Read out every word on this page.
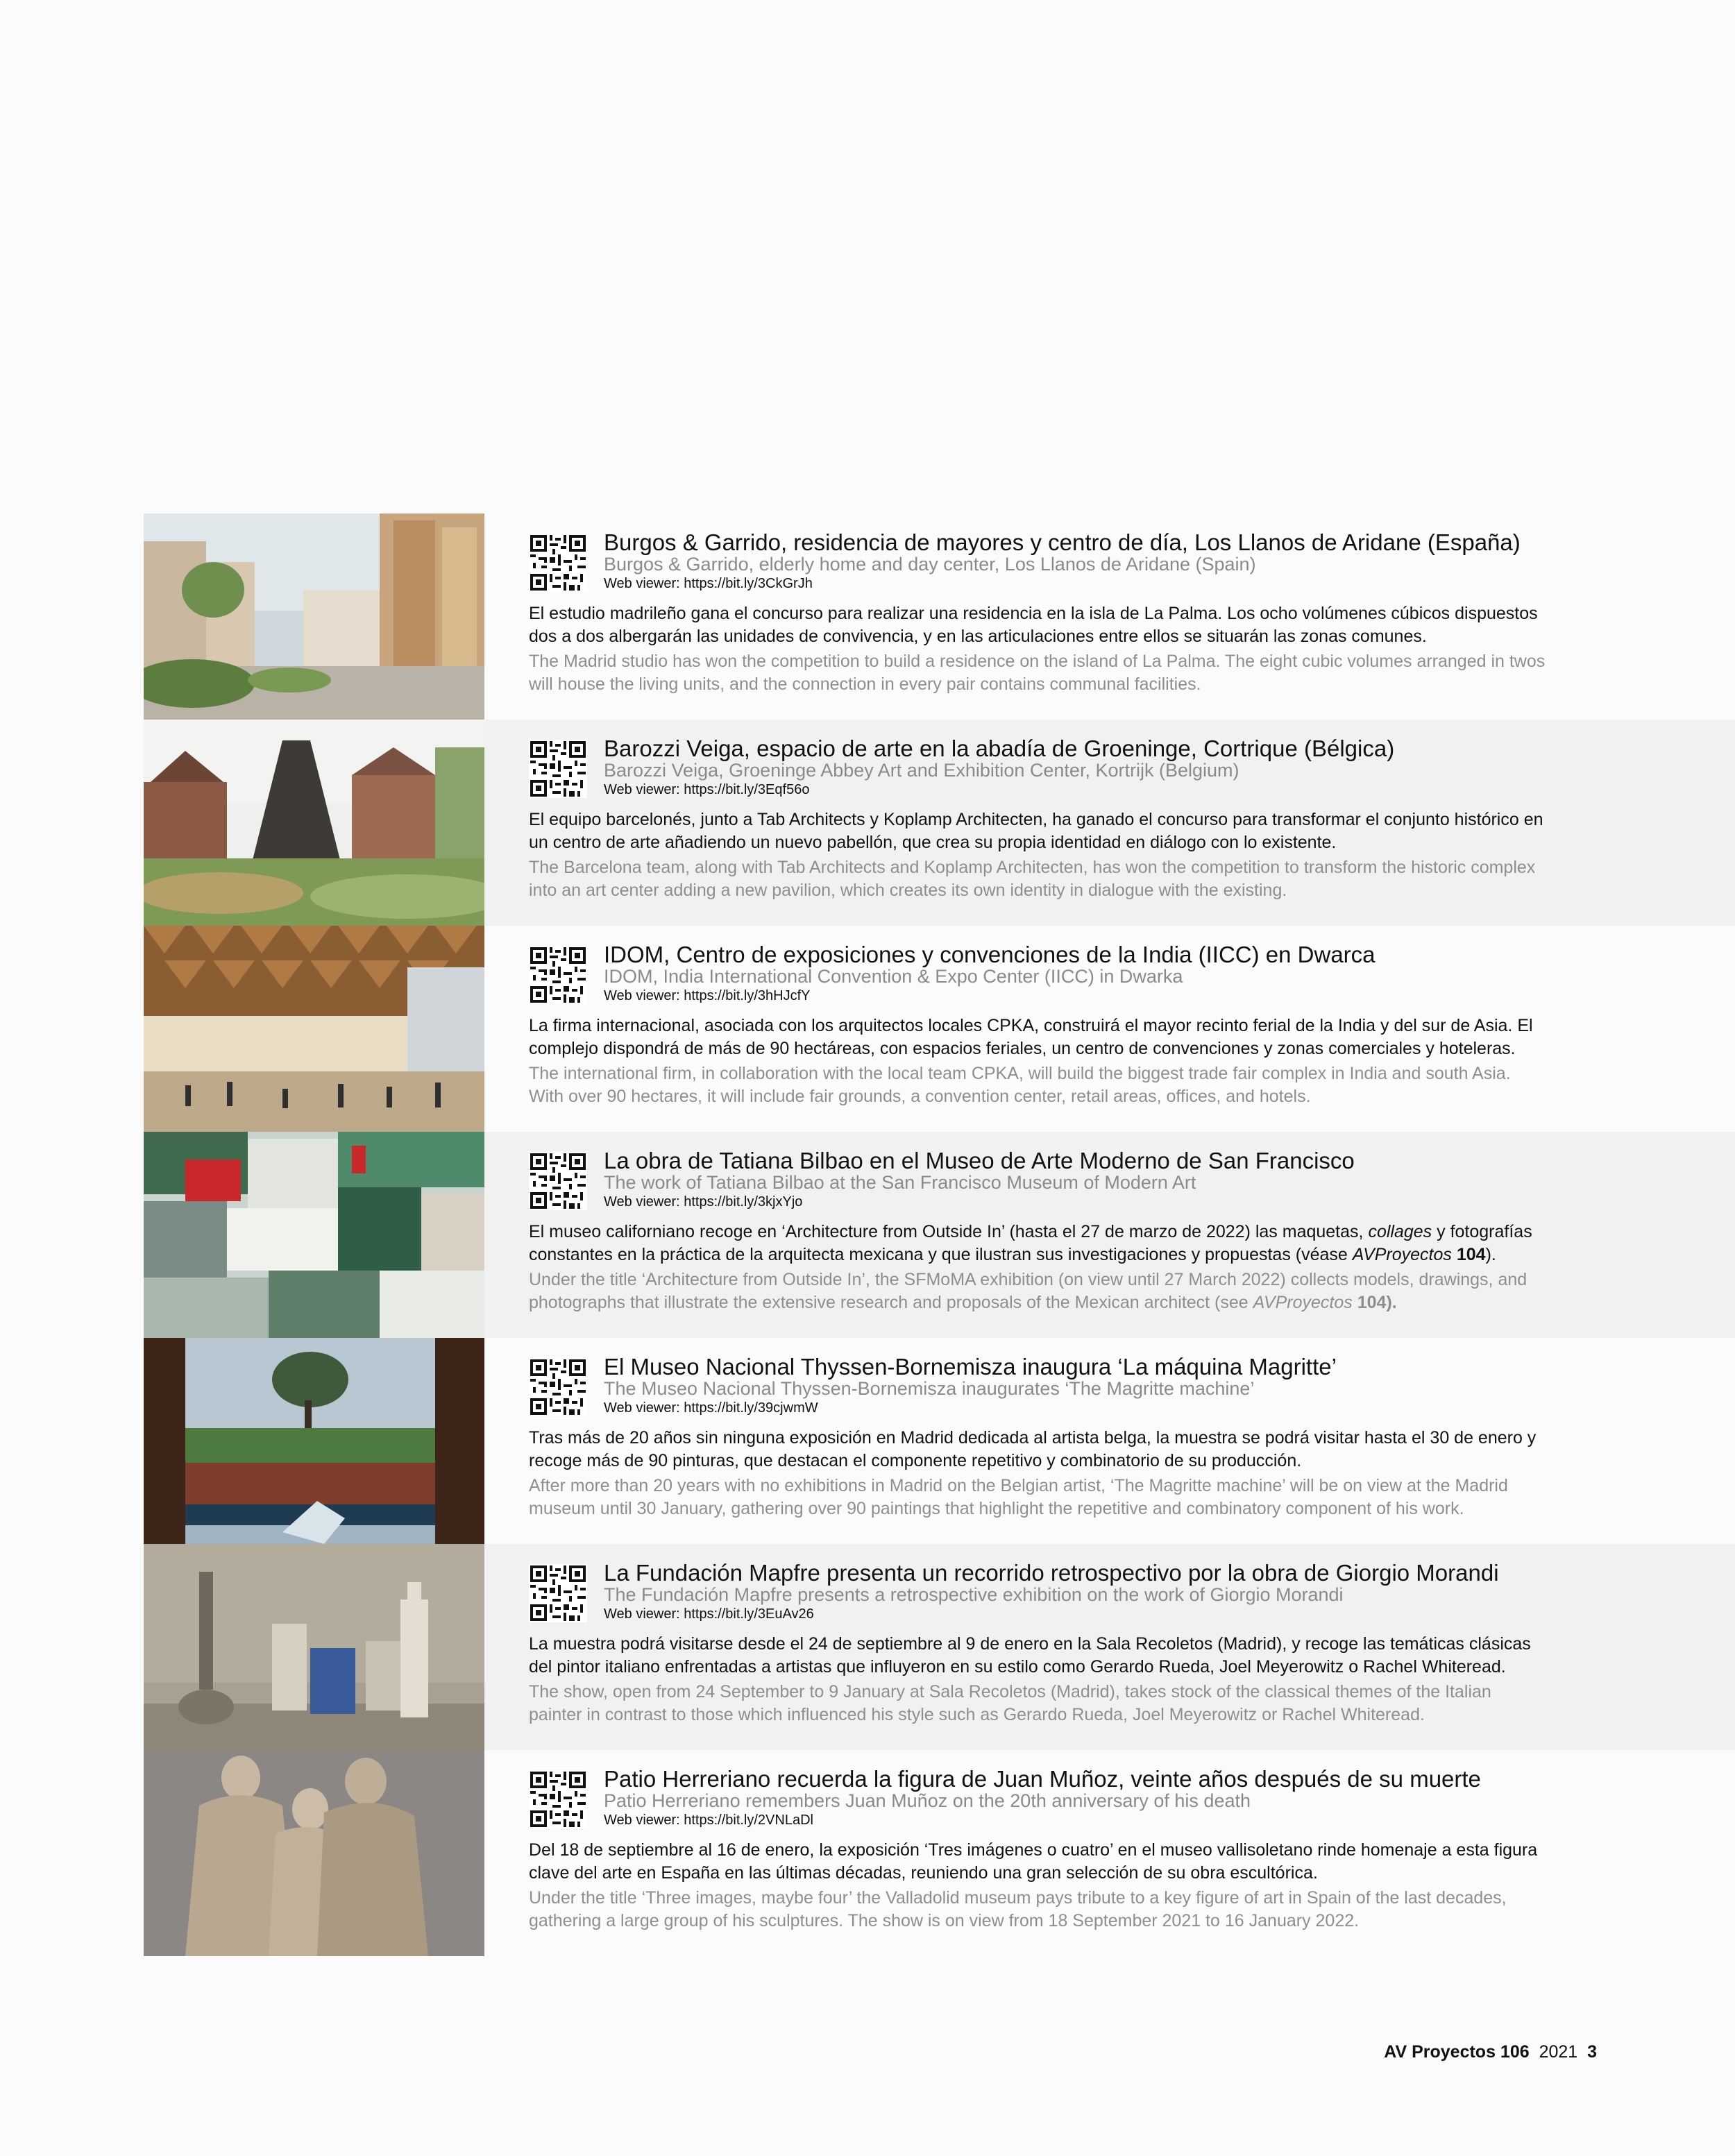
Burgos & Garrido, residencia de mayores y centro de día, Los Llanos de Aridane (España)
Burgos & Garrido, elderly home and day center, Los Llanos de Aridane (Spain)
Web viewer: https://bit.ly/3CkGrJh
El estudio madrileño gana el concurso para realizar una residencia en la isla de La Palma. Los ocho volúmenes cúbicos dispuestos dos a dos albergarán las unidades de convivencia, y en las articulaciones entre ellos se situarán las zonas comunes.
The Madrid studio has won the competition to build a residence on the island of La Palma. The eight cubic volumes arranged in twos will house the living units, and the connection in every pair contains communal facilities.
Barozzi Veiga, espacio de arte en la abadía de Groeninge, Cortrique (Bélgica)
Barozzi Veiga, Groeninge Abbey Art and Exhibition Center, Kortrijk (Belgium)
Web viewer: https://bit.ly/3Eqf56o
El equipo barcelonés, junto a Tab Architects y Koplamp Architecten, ha ganado el concurso para transformar el conjunto histórico en un centro de arte añadiendo un nuevo pabellón, que crea su propia identidad en diálogo con lo existente.
The Barcelona team, along with Tab Architects and Koplamp Architecten, has won the competition to transform the historic complex into an art center adding a new pavilion, which creates its own identity in dialogue with the existing.
IDOM, Centro de exposiciones y convenciones de la India (IICC) en Dwarca
IDOM, India International Convention & Expo Center (IICC) in Dwarka
Web viewer: https://bit.ly/3hHJcfY
La firma internacional, asociada con los arquitectos locales CPKA, construirá el mayor recinto ferial de la India y del sur de Asia. El complejo dispondrá de más de 90 hectáreas, con espacios feriales, un centro de convenciones y zonas comerciales y hoteleras.
The international firm, in collaboration with the local team CPKA, will build the biggest trade fair complex in India and south Asia. With over 90 hectares, it will include fair grounds, a convention center, retail areas, offices, and hotels.
La obra de Tatiana Bilbao en el Museo de Arte Moderno de San Francisco
The work of Tatiana Bilbao at the San Francisco Museum of Modern Art
Web viewer: https://bit.ly/3kjxYjo
El museo californiano recoge en ‘Architecture from Outside In’ (hasta el 27 de marzo de 2022) las maquetas, collages y fotografías constantes en la práctica de la arquitecta mexicana y que ilustran sus investigaciones y propuestas (véase AVProyectos 104).
Under the title ‘Architecture from Outside In’, the SFMoMA exhibition (on view until 27 March 2022) collects models, drawings, and photographs that illustrate the extensive research and proposals of the Mexican architect (see AVProyectos 104).
El Museo Nacional Thyssen-Bornemisza inaugura ‘La máquina Magritte’
The Museo Nacional Thyssen-Bornemisza inaugurates ‘The Magritte machine’
Web viewer: https://bit.ly/39cjwmW
Tras más de 20 años sin ninguna exposición en Madrid dedicada al artista belga, la muestra se podrá visitar hasta el 30 de enero y recoge más de 90 pinturas, que destacan el componente repetitivo y combinatorio de su producción.
After more than 20 years with no exhibitions in Madrid on the Belgian artist, ‘The Magritte machine’ will be on view at the Madrid museum until 30 January, gathering over 90 paintings that highlight the repetitive and combinatory component of his work.
La Fundación Mapfre presenta un recorrido retrospectivo por la obra de Giorgio Morandi
The Fundación Mapfre presents a retrospective exhibition on the work of Giorgio Morandi
Web viewer: https://bit.ly/3EuAv26
La muestra podrá visitarse desde el 24 de septiembre al 9 de enero en la Sala Recoletos (Madrid), y recoge las temáticas clásicas del pintor italiano enfrentadas a artistas que influyeron en su estilo como Gerardo Rueda, Joel Meyerowitz o Rachel Whiteread.
The show, open from 24 September to 9 January at Sala Recoletos (Madrid), takes stock of the classical themes of the Italian painter in contrast to those which influenced his style such as Gerardo Rueda, Joel Meyerowitz or Rachel Whiteread.
Patio Herreriano recuerda la figura de Juan Muñoz, veinte años después de su muerte
Patio Herreriano remembers Juan Muñoz on the 20th anniversary of his death
Web viewer: https://bit.ly/2VNLaDl
Del 18 de septiembre al 16 de enero, la exposición ‘Tres imágenes o cuatro’ en el museo vallisoletano rinde homenaje a esta figura clave del arte en España en las últimas décadas, reuniendo una gran selección de su obra escultórica.
Under the title ‘Three images, maybe four’ the Valladolid museum pays tribute to a key figure of art in Spain of the last decades, gathering a large group of his sculptures. The show is on view from 18 September 2021 to 16 January 2022.
AV Proyectos 106 2021 3
